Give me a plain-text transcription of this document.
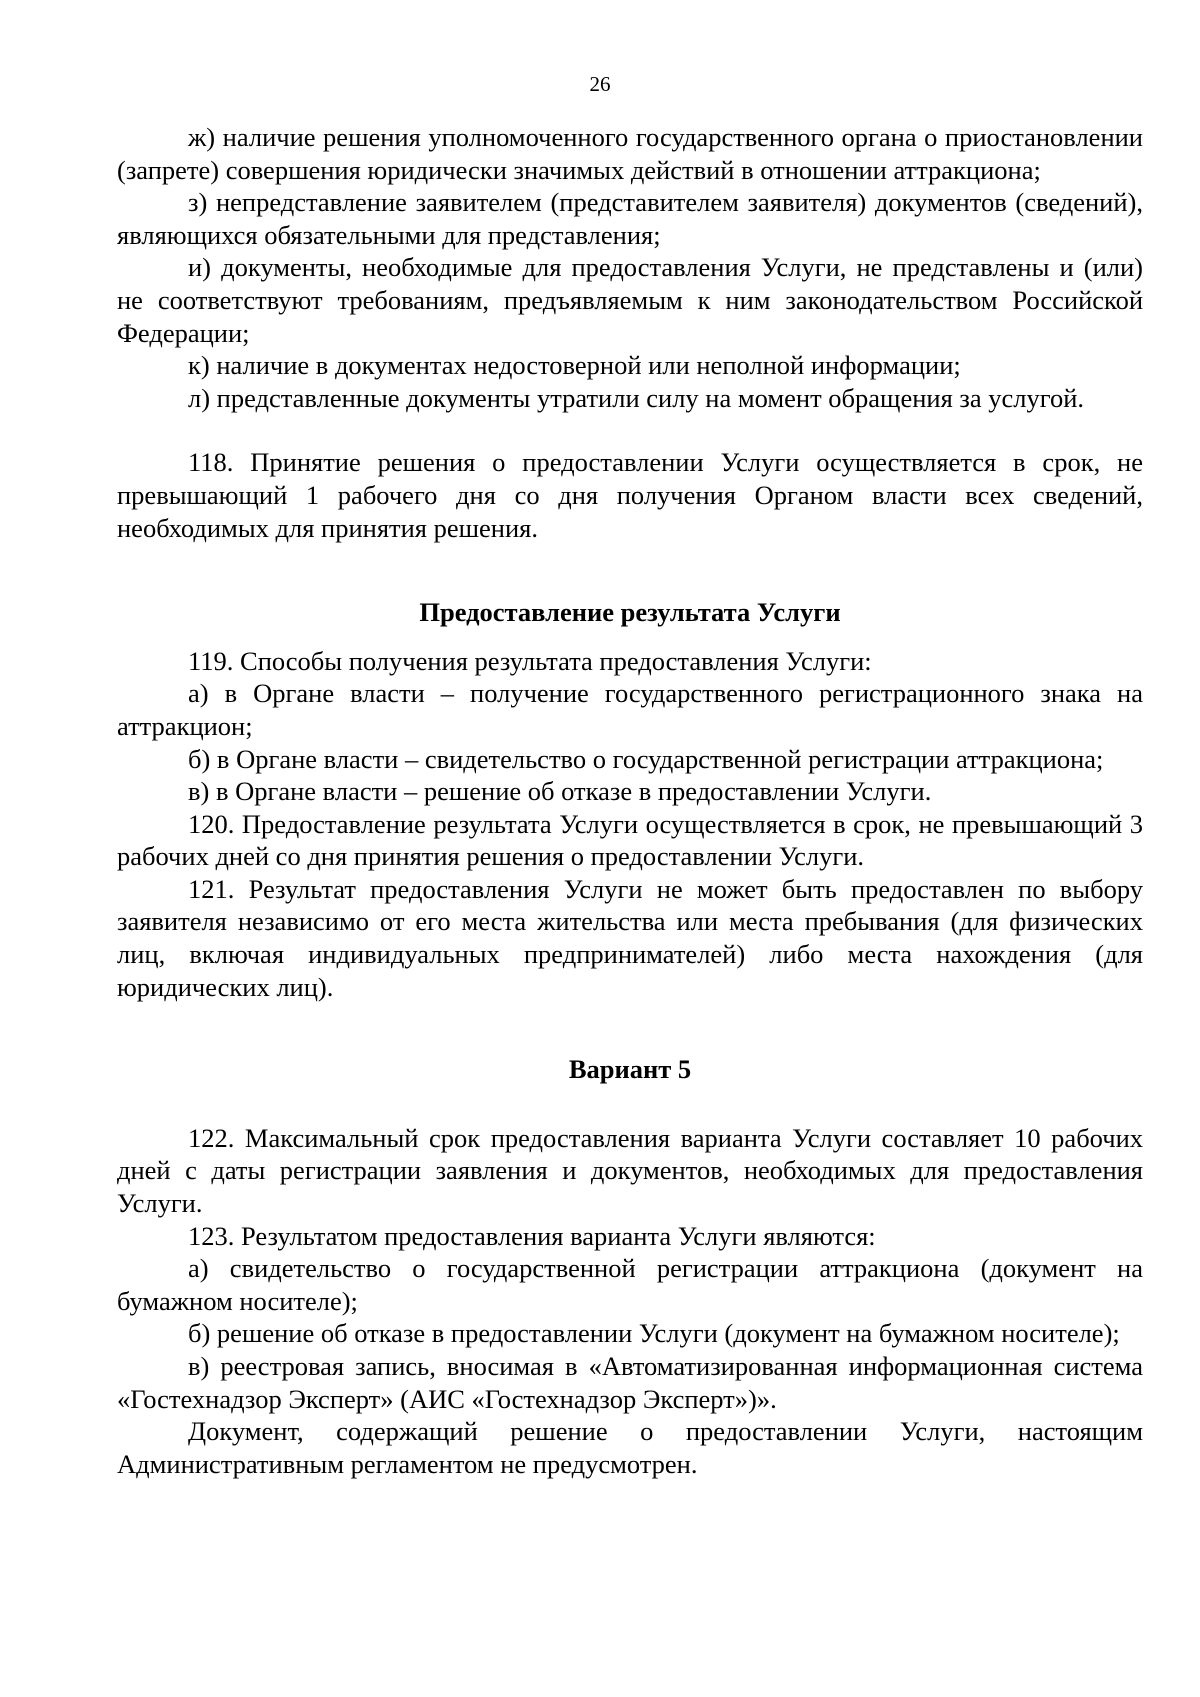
26

ж) наличие решения уполномоченного государственного органа о приостановлении (запрете) совершения юридически значимых действий в отношении аттракциона;

з) непредставление заявителем (представителем заявителя) документов (сведений), являющихся обязательными для представления;

и) документы, необходимые для предоставления Услуги, не представлены и (или) не соответствуют требованиям, предъявляемым к ним законодательством Российской Федерации;

к) наличие в документах недостоверной или неполной информации;

л) представленные документы утратили силу на момент обращения за услугой.

118. Принятие решения о предоставлении Услуги осуществляется в срок, не превышающий 1 рабочего дня со дня получения Органом власти всех сведений, необходимых для принятия решения.

Предоставление результата Услуги

119. Способы получения результата предоставления Услуги:

а) в Органе власти – получение государственного регистрационного знака на аттракцион;

б) в Органе власти – свидетельство о государственной регистрации аттракциона;

в) в Органе власти – решение об отказе в предоставлении Услуги.

120. Предоставление результата Услуги осуществляется в срок, не превышающий 3 рабочих дней со дня принятия решения о предоставлении Услуги.

121. Результат предоставления Услуги не может быть предоставлен по выбору заявителя независимо от его места жительства или места пребывания (для физических лиц, включая индивидуальных предпринимателей) либо места нахождения (для юридических лиц).

Вариант 5

122. Максимальный срок предоставления варианта Услуги составляет 10 рабочих дней с даты регистрации заявления и документов, необходимых для предоставления Услуги.

123. Результатом предоставления варианта Услуги являются:

а) свидетельство о государственной регистрации аттракциона (документ на бумажном носителе);

б) решение об отказе в предоставлении Услуги (документ на бумажном носителе);

в) реестровая запись, вносимая в «Автоматизированная информационная система «Гостехнадзор Эксперт» (АИС «Гостехнадзор Эксперт»)».

Документ, содержащий решение о предоставлении Услуги, настоящим Административным регламентом не предусмотрен.
